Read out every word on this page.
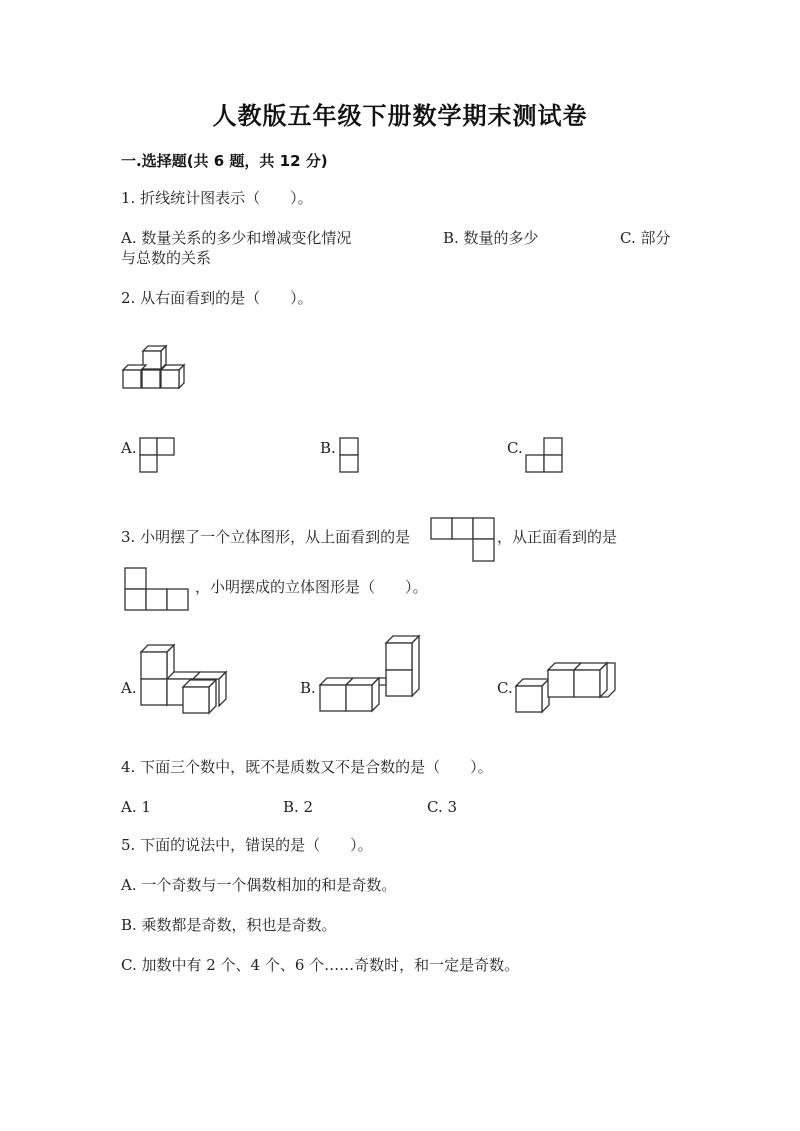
人教版五年级下册数学期末测试卷
一.选择题(共 6 题，共 12 分)
1. 折线统计图表示（　　）。
A. 数量关系的多少和增减变化情况
与总数的关系
B. 数量的多少	C. 部分
2. 从右面看到的是（　　）。
A.	B.	C.
3. 小明摆了一个立体图形，从上面看到的是	，从正面看到的是
，小明摆成的立体图形是（　　）。
A.	B.	C.
4. 下面三个数中，既不是质数又不是合数的是（　　）。
A. 1	B. 2	C. 3
5. 下面的说法中，错误的是（　　）。
A. 一个奇数与一个偶数相加的和是奇数。
B. 乘数都是奇数，积也是奇数。
C. 加数中有 2 个、4 个、6 个……奇数时，和一定是奇数。
